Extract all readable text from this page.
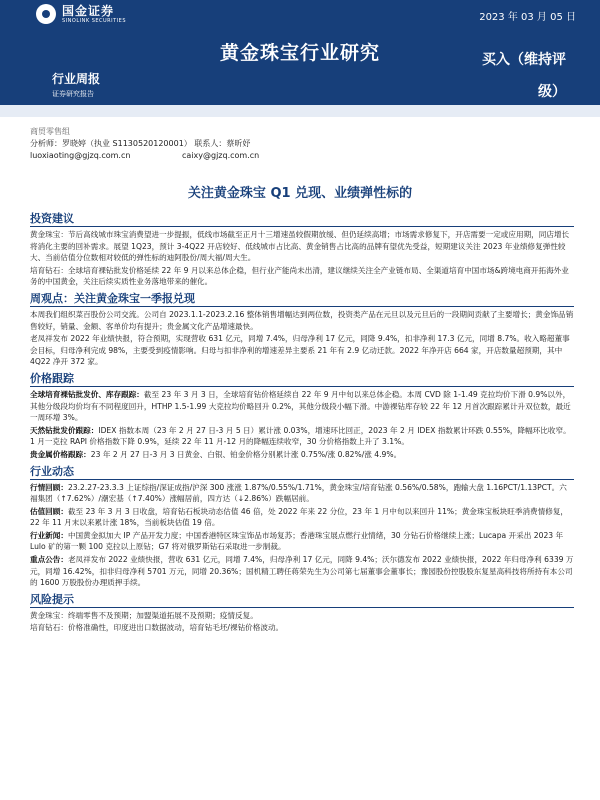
国金证券
SINOLINK SECURITIES	2023 年 03 月 05 日
黄金珠宝行业研究	买入（维持评
级）
行业周报
证券研究报告
商贸零售组
分析师：罗晓婷（执业 S1130520120001） 联系人：蔡昕妤
luoxiaoting@gjzq.com.cn	caixy@gjzq.com.cn
关注黄金珠宝 Q1 兑现、业绩弹性标的
投资建议

黄金珠宝：节后高线城市珠宝消费望进一步提振，低线市场截至正月十三增速虽较假期放缓、但仍延续高增；市场需求修复下，开店需要一定或应用期，同店增长将消化主要的回补需求。展望 1Q23，预计 3-4Q22 开店较好、低线城市占比高、黄金销售占比高的品牌有望优先受益，短期建议关注 2023 年业绩修复弹性较大、当前估值分位数相对较低的弹性标的迪阿股份/周大福/周大生。

培育钻石：全球培育裸钻批发价格延续 22 年 9 月以来总体企稳，但行业产能尚未出清，建议继续关注全产业链布局、全渠道培育中国市场&跨境电商开拓海外业务的中国黄金，关注后续实质性业务落地带来的催化。

周观点：关注黄金珠宝一季报兑现

本周我们组织菜百股份公司交流。公司自 2023.1.1-2023.2.16 整体销售增幅达到两位数，投资类产品在元旦以及元旦后的一段期间贡献了主要增长；黄金饰品销售较好，销量、金额、客单价均有提升；贵金属文化产品增速最快。

老凤祥发布 2022 年业绩快报，符合预期，实现营收 631 亿元，同增 7.4%，归母净利 17 亿元，同降 9.4%，扣非净利 17.3 亿元，同增 8.7%。收入略超董事会目标，归母净利完成 98%，主要受到疫情影响。归母与扣非净利的增速差异主要系 21 年有 2.9 亿动迁款。2022 年净开店 664 家，开店数量超预期，其中 4Q22 净开 372 家。

价格跟踪

全球培育裸钻批发价、库存跟踪：截至 23 年 3 月 3 日，全球培育钻价格延续自 22 年 9 月中旬以来总体企稳。本周 CVD 除 1-1.49 克拉均价下滑 0.9%以外，其他分级段均价均有不同程度回升，HTHP 1.5-1.99 大克拉均价略回升 0.2%，其他分级段小幅下滑。中游裸钻库存较 22 年 12 月首次跟踪累计升双位数，最近一周环增 3%。

天然钻批发价跟踪：IDEX 指数本周（23 年 2 月 27 日-3 月 5 日）累计涨 0.03%，增速环比回正，2023 年 2 月 IDEX 指数累计环跌 0.55%，降幅环比收窄。1 月一克拉 RAPI 价格指数下降 0.9%，延续 22 年 11 月-12 月的降幅连续收窄，30 分价格指数上升了 3.1%。

贵金属价格跟踪：23 年 2 月 27 日-3 月 3 日黄金、白银、铂金价格分别累计涨 0.75%/涨 0.82%/涨 4.9%。

行业动态

行情回顾：23.2.27-23.3.3 上证综指/深证成指/沪深 300 涨涨 1.87%/0.55%/1.71%，黄金珠宝/培育钻涨 0.56%/0.58%，跑输大盘 1.16PCT/1.13PCT。六福集团（↑7.62%）/潮宏基（↑7.40%）涨幅居前，四方达（↓2.86%）跌幅居前。

估值回顾：截至 23 年 3 月 3 日收盘，培育钻石板块动态估值 46 倍，处 2022 年来 22 分位，23 年 1 月中旬以来回升 11%；黄金珠宝板块旺季消费情修复，22 年 11 月末以来累计涨 18%，当前板块估值 19 倍。

行业新闻：中国黄金拟加大 IP 产品开发力度；中国香港特区珠宝饰品市场复苏；香港珠宝展点燃行业情绪，30 分钻石价格继续上涨；Lucapa 开采出 2023 年 Lulo 矿的第一颗 100 克拉以上原钻；G7 将对俄罗斯钻石采取进一步制裁。

重点公告：老凤祥发布 2022 业绩快报，营收 631 亿元，同增 7.4%，归母净利 17 亿元，同降 9.4%；沃尔德发布 2022 业绩快报，2022 年归母净利 6339 万元，同增 16.42%，扣非归母净利 5701 万元，同增 20.36%；国机精工聘任蒋荣先生为公司第七届董事会董事长；豫园股份控股股东复星高科技将所持有本公司的 1600 万股股份办理质押手续。

风险提示

黄金珠宝：终端零售不及预期；加盟渠道拓展不及预期；疫情反复。

培育钻石：价格准确性，印度进出口数据波动，培育钻毛坯/裸钻价格波动。
